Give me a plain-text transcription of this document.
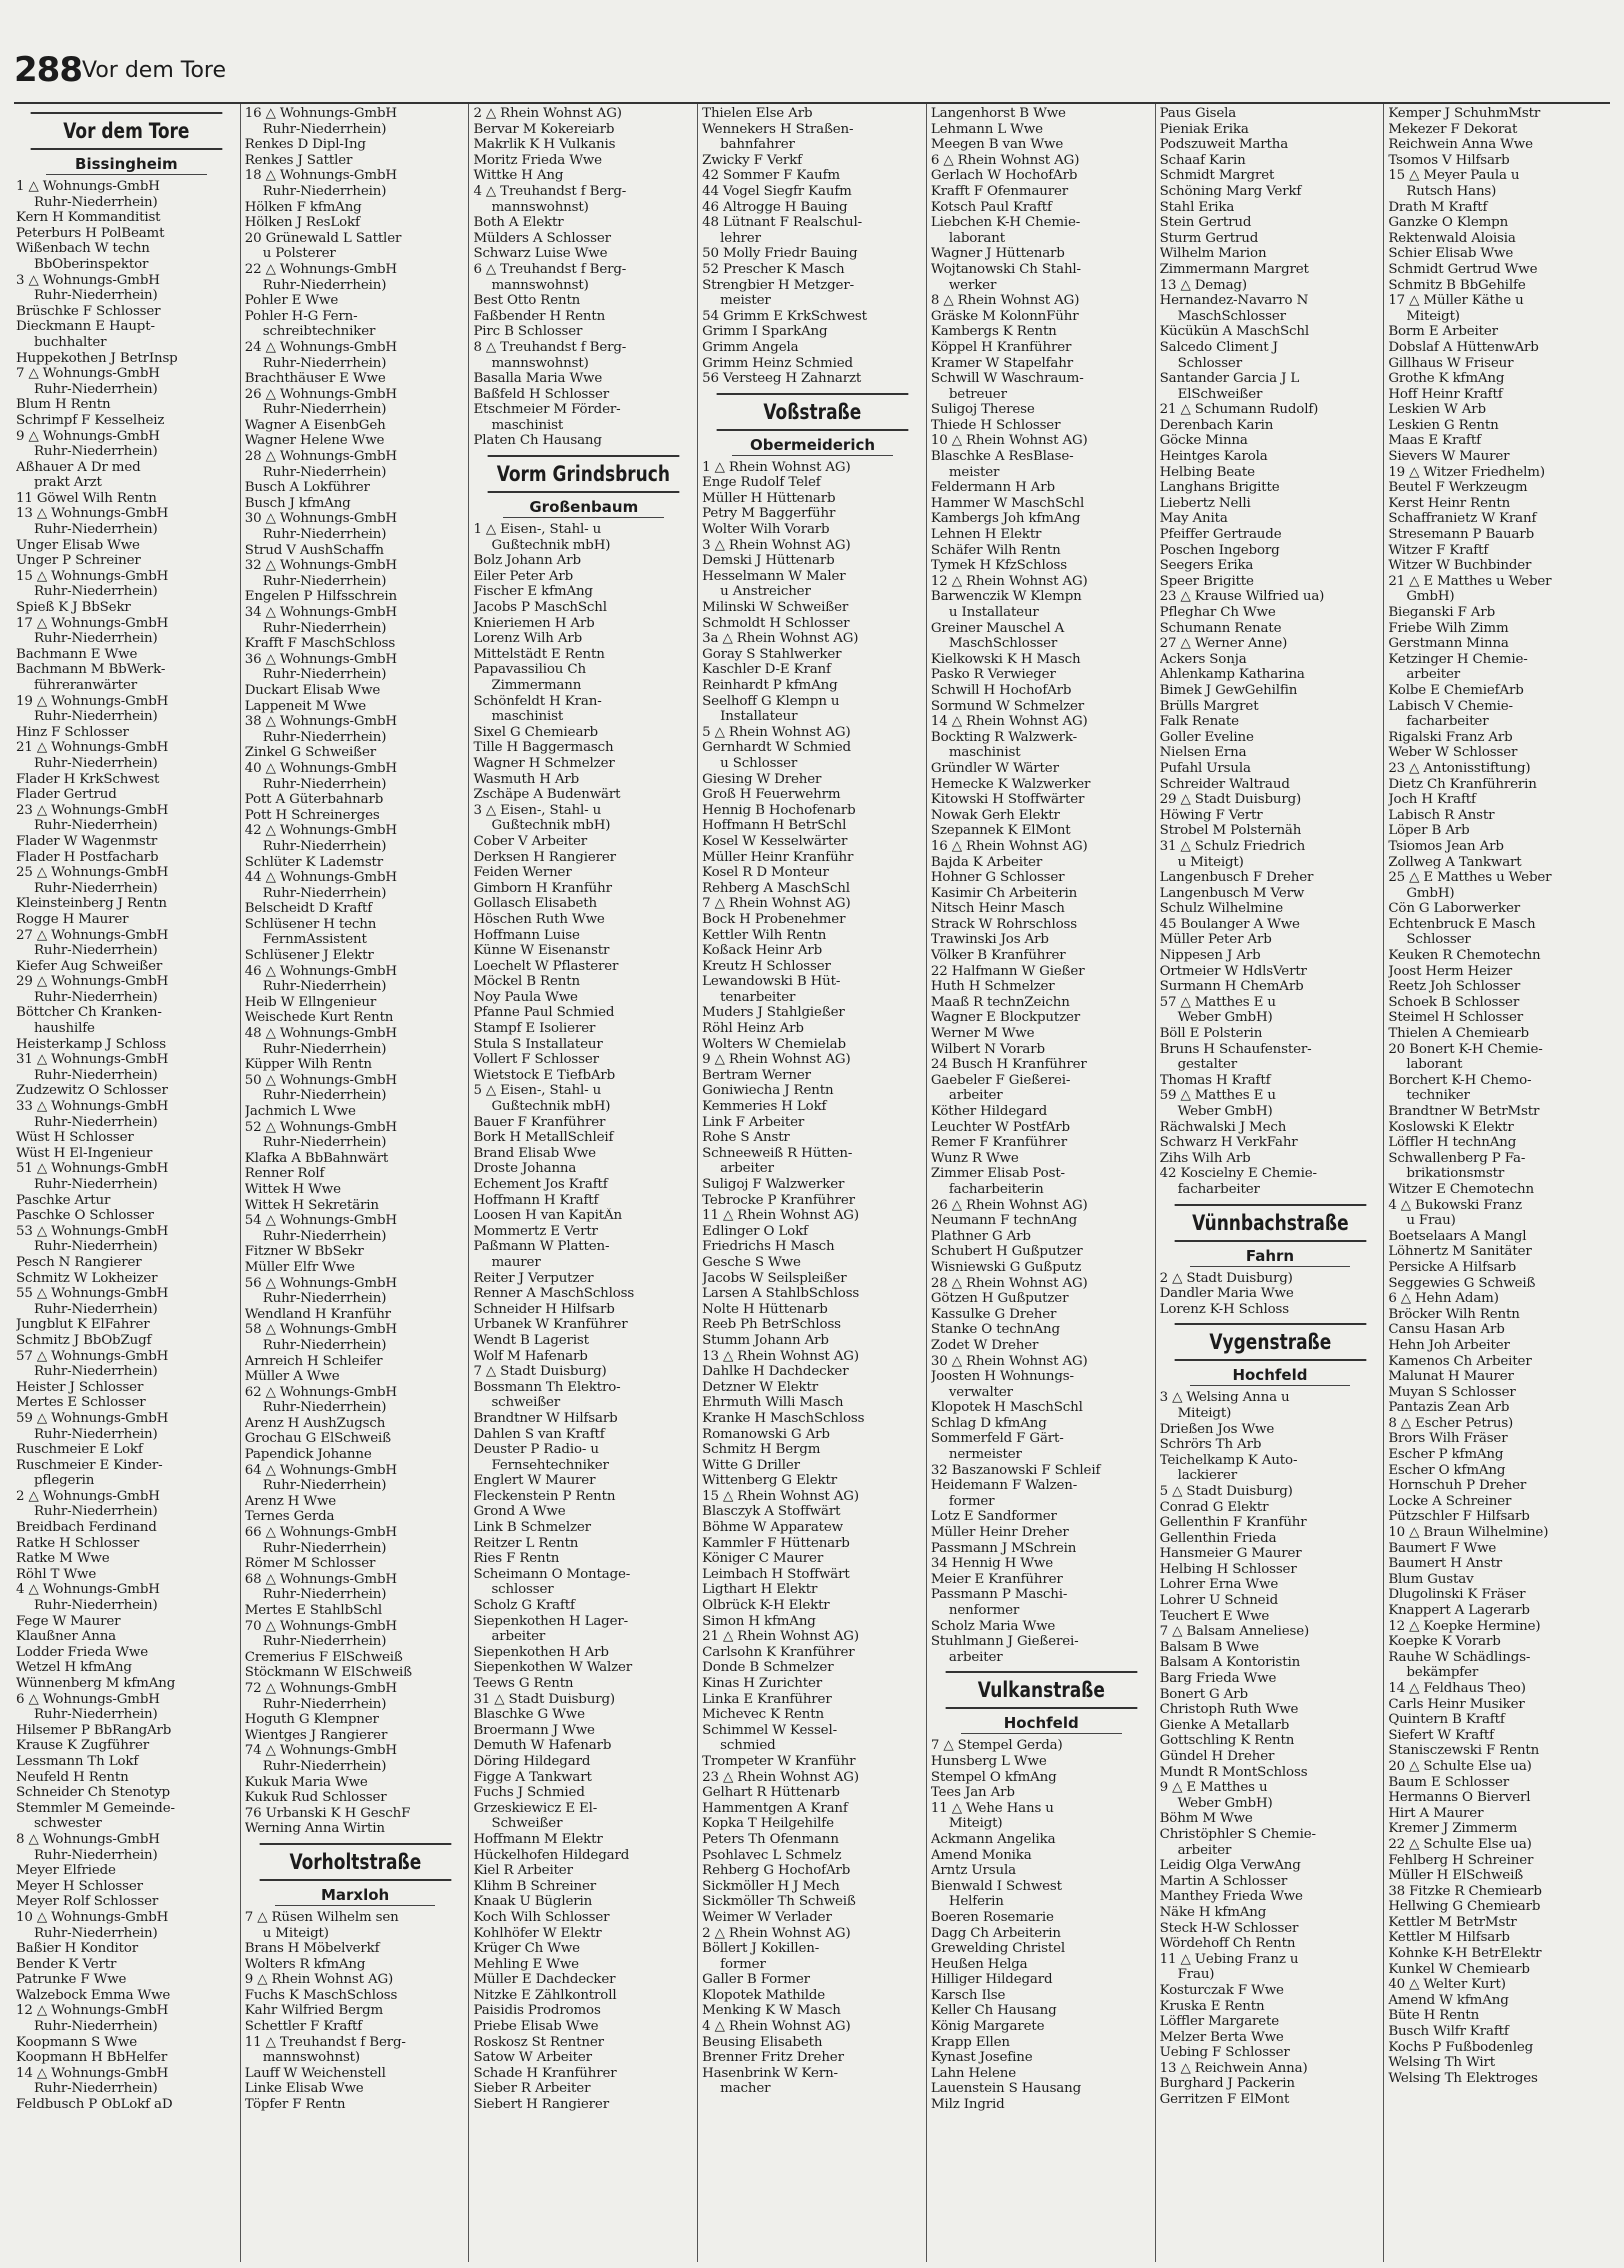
288 Vor dem Tore
Vor dem Tore
Bissingheim
1 △ Wohnungs-GmbH
Ruhr-Niederrhein)
Kern H Kommanditist
Peterburs H PolBeamt
Wißenbach W techn
BbOberinspektor
3 △ Wohnungs-GmbH
Ruhr-Niederrhein)
Brüschke F Schlosser
Dieckmann E Haupt-
buchhalter
Huppekothen J BetrInsp
7 △ Wohnungs-GmbH
Ruhr-Niederrhein)
Blum H Rentn
Schrimpf F Kesselheiz
9 △ Wohnungs-GmbH
Ruhr-Niederrhein)
Aßhauer A Dr med
prakt Arzt
11 Göwel Wilh Rentn
13 △ Wohnungs-GmbH
Ruhr-Niederrhein)
Unger Elisab Wwe
Unger P Schreiner
15 △ Wohnungs-GmbH
Ruhr-Niederrhein)
Spieß K J BbSekr
17 △ Wohnungs-GmbH
Ruhr-Niederrhein)
Bachmann E Wwe
Bachmann M BbWerk-
führeranwärter
19 △ Wohnungs-GmbH
Ruhr-Niederrhein)
Hinz F Schlosser
21 △ Wohnungs-GmbH
Ruhr-Niederrhein)
Flader H KrkSchwest
Flader Gertrud
23 △ Wohnungs-GmbH
Ruhr-Niederrhein)
Flader W Wagenmstr
Flader H Postfacharb
25 △ Wohnungs-GmbH
Ruhr-Niederrhein)
Kleinsteinberg J Rentn
Rogge H Maurer
27 △ Wohnungs-GmbH
Ruhr-Niederrhein)
Kiefer Aug Schweißer
29 △ Wohnungs-GmbH
Ruhr-Niederrhein)
Böttcher Ch Kranken-
haushilfe
Heisterkamp J Schloss
31 △ Wohnungs-GmbH
Ruhr-Niederrhein)
Zudzewitz O Schlosser
33 △ Wohnungs-GmbH
Ruhr-Niederrhein)
Wüst H Schlosser
Wüst H El-Ingenieur
51 △ Wohnungs-GmbH
Ruhr-Niederrhein)
Paschke Artur
Paschke O Schlosser
53 △ Wohnungs-GmbH
Ruhr-Niederrhein)
Pesch N Rangierer
Schmitz W Lokheizer
55 △ Wohnungs-GmbH
Ruhr-Niederrhein)
Jungblut K ElFahrer
Schmitz J BbObZugf
57 △ Wohnungs-GmbH
Ruhr-Niederrhein)
Heister J Schlosser
Mertes E Schlosser
59 △ Wohnungs-GmbH
Ruhr-Niederrhein)
Ruschmeier E Lokf
Ruschmeier E Kinder-
pflegerin
2 △ Wohnungs-GmbH
Ruhr-Niederrhein)
Breidbach Ferdinand
Ratke H Schlosser
Ratke M Wwe
Röhl T Wwe
4 △ Wohnungs-GmbH
Ruhr-Niederrhein)
Fege W Maurer
Klaußner Anna
Lodder Frieda Wwe
Wetzel H kfmAng
Wünnenberg M kfmAng
6 △ Wohnungs-GmbH
Ruhr-Niederrhein)
Hilsemer P BbRangArb
Krause K Zugführer
Lessmann Th Lokf
Neufeld H Rentn
Schneider Ch Stenotyp
Stemmler M Gemeinde-
schwester
8 △ Wohnungs-GmbH
Ruhr-Niederrhein)
Meyer Elfriede
Meyer H Schlosser
Meyer Rolf Schlosser
10 △ Wohnungs-GmbH
Ruhr-Niederrhein)
Baßier H Konditor
Bender K Vertr
Patrunke F Wwe
Walzebock Emma Wwe
12 △ Wohnungs-GmbH
Ruhr-Niederrhein)
Koopmann S Wwe
Koopmann H BbHelfer
14 △ Wohnungs-GmbH
Ruhr-Niederrhein)
Feldbusch P ObLokf aD
16 △ Wohnungs-GmbH
Ruhr-Niederrhein)
Renkes D Dipl-Ing
Renkes J Sattler
18 △ Wohnungs-GmbH
Ruhr-Niederrhein)
Hölken F kfmAng
Hölken J ResLokf
20 Grünewald L Sattler
u Polsterer
22 △ Wohnungs-GmbH
Ruhr-Niederrhein)
Pohler E Wwe
Pohler H-G Fern-
schreibtechniker
24 △ Wohnungs-GmbH
Ruhr-Niederrhein)
Brachthäuser E Wwe
26 △ Wohnungs-GmbH
Ruhr-Niederrhein)
Wagner A EisenbGeh
Wagner Helene Wwe
28 △ Wohnungs-GmbH
Ruhr-Niederrhein)
Busch A Lokführer
Busch J kfmAng
30 △ Wohnungs-GmbH
Ruhr-Niederrhein)
Strud V AushSchaffn
32 △ Wohnungs-GmbH
Ruhr-Niederrhein)
Engelen P Hilfsschrein
34 △ Wohnungs-GmbH
Ruhr-Niederrhein)
Krafft F MaschSchloss
36 △ Wohnungs-GmbH
Ruhr-Niederrhein)
Duckart Elisab Wwe
Lappeneit M Wwe
38 △ Wohnungs-GmbH
Ruhr-Niederrhein)
Zinkel G Schweißer
40 △ Wohnungs-GmbH
Ruhr-Niederrhein)
Pott A Güterbahnarb
Pott H Schreinerges
42 △ Wohnungs-GmbH
Ruhr-Niederrhein)
Schlüter K Lademstr
44 △ Wohnungs-GmbH
Ruhr-Niederrhein)
Belscheidt D Kraftf
Schlüsener H techn
FernmAssistent
Schlüsener J Elektr
46 △ Wohnungs-GmbH
Ruhr-Niederrhein)
Heib W Ellngenieur
Weischede Kurt Rentn
48 △ Wohnungs-GmbH
Ruhr-Niederrhein)
Küpper Wilh Rentn
50 △ Wohnungs-GmbH
Ruhr-Niederrhein)
Jachmich L Wwe
52 △ Wohnungs-GmbH
Ruhr-Niederrhein)
Klafka A BbBahnwärt
Renner Rolf
Wittek H Wwe
Wittek H Sekretärin
54 △ Wohnungs-GmbH
Ruhr-Niederrhein)
Fitzner W BbSekr
Müller Elfr Wwe
56 △ Wohnungs-GmbH
Ruhr-Niederrhein)
Wendland H Kranführ
58 △ Wohnungs-GmbH
Ruhr-Niederrhein)
Arnreich H Schleifer
Müller A Wwe
62 △ Wohnungs-GmbH
Ruhr-Niederrhein)
Arenz H AushZugsch
Grochau G ElSchweiß
Papendick Johanne
64 △ Wohnungs-GmbH
Ruhr-Niederrhein)
Arenz H Wwe
Ternes Gerda
66 △ Wohnungs-GmbH
Ruhr-Niederrhein)
Römer M Schlosser
68 △ Wohnungs-GmbH
Ruhr-Niederrhein)
Mertes E StahlbSchl
70 △ Wohnungs-GmbH
Ruhr-Niederrhein)
Cremerius F ElSchweiß
Stöckmann W ElSchweiß
72 △ Wohnungs-GmbH
Ruhr-Niederrhein)
Hoguth G Klempner
Wientges J Rangierer
74 △ Wohnungs-GmbH
Ruhr-Niederrhein)
Kukuk Maria Wwe
Kukuk Rud Schlosser
76 Urbanski K H GeschF
Werning Anna Wirtin
Vorholtstraße
Marxloh
7 △ Rüsen Wilhelm sen
u Miteigt)
Brans H Möbelverkf
Wolters R kfmAng
9 △ Rhein Wohnst AG)
Fuchs K MaschSchloss
Kahr Wilfried Bergm
Schettler F Kraftf
11 △ Treuhandst f Berg-
mannswohnst)
Lauff W Weichenstell
Linke Elisab Wwe
Töpfer F Rentn
2 △ Rhein Wohnst AG)
Bervar M Kokereiarb
Makrlik K H Vulkanis
Moritz Frieda Wwe
Wittke H Ang
4 △ Treuhandst f Berg-
mannswohnst)
Both A Elektr
Mülders A Schlosser
Schwarz Luise Wwe
6 △ Treuhandst f Berg-
mannswohnst)
Best Otto Rentn
Faßbender H Rentn
Pirc B Schlosser
8 △ Treuhandst f Berg-
mannswohnst)
Basalla Maria Wwe
Baßfeld H Schlosser
Etschmeier M Förder-
maschinist
Platen Ch Hausang
Vorm Grindsbruch
Großenbaum
1 △ Eisen-, Stahl- u
Gußtechnik mbH)
Bolz Johann Arb
Eiler Peter Arb
Fischer E kfmAng
Jacobs P MaschSchl
Knieriemen H Arb
Lorenz Wilh Arb
Mittelstädt E Rentn
Papavassiliou Ch
Zimmermann
Schönfeldt H Kran-
maschinist
Sixel G Chemiearb
Tille H Baggermasch
Wagner H Schmelzer
Wasmuth H Arb
Zschäpe A Budenwärt
3 △ Eisen-, Stahl- u
Gußtechnik mbH)
Cober V Arbeiter
Derksen H Rangierer
Feiden Werner
Gimborn H Kranführ
Gollasch Elisabeth
Höschen Ruth Wwe
Hoffmann Luise
Künne W Eisenanstr
Loechelt W Pflasterer
Möckel B Rentn
Noy Paula Wwe
Pfanne Paul Schmied
Stampf E Isolierer
Stula S Installateur
Vollert F Schlosser
Wietstock E TiefbArb
5 △ Eisen-, Stahl- u
Gußtechnik mbH)
Bauer F Kranführer
Bork H MetallSchleif
Brand Elisab Wwe
Droste Johanna
Echement Jos Kraftf
Hoffmann H Kraftf
Loosen H van KapitÄn
Mommertz E Vertr
Paßmann W Platten-
maurer
Reiter J Verputzer
Renner A MaschSchloss
Schneider H Hilfsarb
Urbanek W Kranführer
Wendt B Lagerist
Wolf M Hafenarb
7 △ Stadt Duisburg)
Bossmann Th Elektro-
schweißer
Brandtner W Hilfsarb
Dahlen S van Kraftf
Deuster P Radio- u
Fernsehtechniker
Englert W Maurer
Fleckenstein P Rentn
Grond A Wwe
Link B Schmelzer
Reitzer L Rentn
Ries F Rentn
Scheimann O Montage-
schlosser
Scholz G Kraftf
Siepenkothen H Lager-
arbeiter
Siepenkothen H Arb
Siepenkothen W Walzer
Teews G Rentn
31 △ Stadt Duisburg)
Blaschke G Wwe
Broermann J Wwe
Demuth W Hafenarb
Döring Hildegard
Figge A Tankwart
Fuchs J Schmied
Grzeskiewicz E El-
Schweißer
Hoffmann M Elektr
Hückelhofen Hildegard
Kiel R Arbeiter
Klihm B Schreiner
Knaak U Büglerin
Koch Wilh Schlosser
Kohlhöfer W Elektr
Krüger Ch Wwe
Mehling E Wwe
Müller E Dachdecker
Nitzke E Zählkontroll
Paisidis Prodromos
Priebe Elisab Wwe
Roskosz St Rentner
Satow W Arbeiter
Schade H Kranführer
Sieber R Arbeiter
Siebert H Rangierer
Thielen Else Arb
Wennekers H Straßen-
bahnfahrer
Zwicky F Verkf
42 Sommer F Kaufm
44 Vogel Siegfr Kaufm
46 Altrogge H Bauing
48 Lütnant F Realschul-
lehrer
50 Molly Friedr Bauing
52 Prescher K Masch
Strengbier H Metzger-
meister
54 Grimm E KrkSchwest
Grimm I SparkAng
Grimm Angela
Grimm Heinz Schmied
56 Versteeg H Zahnarzt
Voßstraße
Obermeiderich
1 △ Rhein Wohnst AG)
Enge Rudolf Telef
Müller H Hüttenarb
Petry M Baggerführ
Wolter Wilh Vorarb
3 △ Rhein Wohnst AG)
Demski J Hüttenarb
Hesselmann W Maler
u Anstreicher
Milinski W Schweißer
Schmoldt H Schlosser
3a △ Rhein Wohnst AG)
Goray S Stahlwerker
Kaschler D-E Kranf
Reinhardt P kfmAng
Seelhoff G Klempn u
Installateur
5 △ Rhein Wohnst AG)
Gernhardt W Schmied
u Schlosser
Giesing W Dreher
Groß H Feuerwehrm
Hennig B Hochofenarb
Hoffmann H BetrSchl
Kosel W Kesselwärter
Müller Heinr Kranführ
Kosel R D Monteur
Rehberg A MaschSchl
7 △ Rhein Wohnst AG)
Bock H Probenehmer
Kettler Wilh Rentn
Koßack Heinr Arb
Kreutz H Schlosser
Lewandowski B Hüt-
tenarbeiter
Muders J Stahlgießer
Röhl Heinz Arb
Wolters W Chemielab
9 △ Rhein Wohnst AG)
Bertram Werner
Goniwiecha J Rentn
Kemmeries H Lokf
Link F Arbeiter
Rohe S Anstr
Schneeweiß R Hütten-
arbeiter
Suligoj F Walzwerker
Tebrocke P Kranführer
11 △ Rhein Wohnst AG)
Edlinger O Lokf
Friedrichs H Masch
Gesche S Wwe
Jacobs W Seilspleißer
Larsen A StahlbSchloss
Nolte H Hüttenarb
Reeb Ph BetrSchloss
Stumm Johann Arb
13 △ Rhein Wohnst AG)
Dahlke H Dachdecker
Detzner W Elektr
Ehrmuth Willi Masch
Kranke H MaschSchloss
Romanowski G Arb
Schmitz H Bergm
Witte G Driller
Wittenberg G Elektr
15 △ Rhein Wohnst AG)
Blasczyk A Stoffwärt
Böhme W Apparatew
Kammler F Hüttenarb
Königer C Maurer
Leimbach H Stoffwärt
Ligthart H Elektr
Olbrück K-H Elektr
Simon H kfmAng
21 △ Rhein Wohnst AG)
Carlsohn K Kranführer
Donde B Schmelzer
Kinas H Zurichter
Linka E Kranführer
Michevec K Rentn
Schimmel W Kessel-
schmied
Trompeter W Kranführ
23 △ Rhein Wohnst AG)
Gelhart R Hüttenarb
Hammentgen A Kranf
Kopka T Heilgehilfe
Peters Th Ofenmann
Psohlavec L Schmelz
Rehberg G HochofArb
Sickmöller H J Mech
Sickmöller Th Schweiß
Weimer W Verlader
2 △ Rhein Wohnst AG)
Böllert J Kokillen-
former
Galler B Former
Klopotek Mathilde
Menking K W Masch
4 △ Rhein Wohnst AG)
Beusing Elisabeth
Brenner Fritz Dreher
Hasenbrink W Kern-
macher
Langenhorst B Wwe
Lehmann L Wwe
Meegen B van Wwe
6 △ Rhein Wohnst AG)
Gerlach W HochofArb
Krafft F Ofenmaurer
Kotsch Paul Kraftf
Liebchen K-H Chemie-
laborant
Wagner J Hüttenarb
Wojtanowski Ch Stahl-
werker
8 △ Rhein Wohnst AG)
Gräske M KolonnFühr
Kambergs K Rentn
Köppel H Kranführer
Kramer W Stapelfahr
Schwill W Waschraum-
betreuer
Suligoj Therese
Thiede H Schlosser
10 △ Rhein Wohnst AG)
Blaschke A ResBlase-
meister
Feldermann H Arb
Hammer W MaschSchl
Kambergs Joh kfmAng
Lehnen H Elektr
Schäfer Wilh Rentn
Tymek H KfzSchloss
12 △ Rhein Wohnst AG)
Barwenczik W Klempn
u Installateur
Greiner Mauschel A
MaschSchlosser
Kielkowski K H Masch
Pasko R Verwieger
Schwill H HochofArb
Sormund W Schmelzer
14 △ Rhein Wohnst AG)
Bockting R Walzwerk-
maschinist
Gründler W Wärter
Hemecke K Walzwerker
Kitowski H Stoffwärter
Nowak Gerh Elektr
Szepannek K ElMont
16 △ Rhein Wohnst AG)
Bajda K Arbeiter
Hohner G Schlosser
Kasimir Ch Arbeiterin
Nitsch Heinr Masch
Strack W Rohrschloss
Trawinski Jos Arb
Völker B Kranführer
22 Halfmann W Gießer
Huth H Schmelzer
Maaß R technZeichn
Wagner E Blockputzer
Werner M Wwe
Wilbert N Vorarb
24 Busch H Kranführer
Gaebeler F Gießerei-
arbeiter
Köther Hildegard
Leuchter W PostfArb
Remer F Kranführer
Wunz R Wwe
Zimmer Elisab Post-
facharbeiterin
26 △ Rhein Wohnst AG)
Neumann F technAng
Plathner G Arb
Schubert H Gußputzer
Wisniewski G Gußputz
28 △ Rhein Wohnst AG)
Götzen H Gußputzer
Kassulke G Dreher
Stanke O technAng
Zodet W Dreher
30 △ Rhein Wohnst AG)
Joosten H Wohnungs-
verwalter
Klopotek H MaschSchl
Schlag D kfmAng
Sommerfeld F Gärt-
nermeister
32 Baszanowski F Schleif
Heidemann F Walzen-
former
Lotz E Sandformer
Müller Heinr Dreher
Passmann J MSchrein
34 Hennig H Wwe
Meier E Kranführer
Passmann P Maschi-
nenformer
Scholz Maria Wwe
Stuhlmann J Gießerei-
arbeiter
Vulkanstraße
Hochfeld
7 △ Stempel Gerda)
Hunsberg L Wwe
Stempel O kfmAng
Tees Jan Arb
11 △ Wehe Hans u
Miteigt)
Ackmann Angelika
Amend Monika
Arntz Ursula
Bienwald I Schwest
Helferin
Boeren Rosemarie
Dagg Ch Arbeiterin
Grewelding Christel
Heußen Helga
Hilliger Hildegard
Karsch Ilse
Keller Ch Hausang
König Margarete
Krapp Ellen
Kynast Josefine
Lahn Helene
Lauenstein S Hausang
Milz Ingrid
Paus Gisela
Pieniak Erika
Podszuweit Martha
Schaaf Karin
Schmidt Margret
Schöning Marg Verkf
Stahl Erika
Stein Gertrud
Sturm Gertrud
Wilhelm Marion
Zimmermann Margret
13 △ Demag)
Hernandez-Navarro N
MaschSchlosser
Kücükün A MaschSchl
Salcedo Climent J
Schlosser
Santander Garcia J L
ElSchweißer
21 △ Schumann Rudolf)
Derenbach Karin
Göcke Minna
Heintges Karola
Helbing Beate
Langhans Brigitte
Liebertz Nelli
May Anita
Pfeiffer Gertraude
Poschen Ingeborg
Seegers Erika
Speer Brigitte
23 △ Krause Wilfried ua)
Pfleghar Ch Wwe
Schumann Renate
27 △ Werner Anne)
Ackers Sonja
Ahlenkamp Katharina
Bimek J GewGehilfin
Brülls Margret
Falk Renate
Goller Eveline
Nielsen Erna
Pufahl Ursula
Schreider Waltraud
29 △ Stadt Duisburg)
Höwing F Vertr
Strobel M Polsternäh
31 △ Schulz Friedrich
u Miteigt)
Langenbusch F Dreher
Langenbusch M Verw
Schulz Wilhelmine
45 Boulanger A Wwe
Müller Peter Arb
Nippesen J Arb
Ortmeier W HdlsVertr
Surmann H ChemArb
57 △ Matthes E u
Weber GmbH)
Böll E Polsterin
Bruns H Schaufenster-
gestalter
Thomas H Kraftf
59 △ Matthes E u
Weber GmbH)
Rächwalski J Mech
Schwarz H VerkFahr
Zihs Wilh Arb
42 Koscielny E Chemie-
facharbeiter
Vünnbachstraße
Fahrn
2 △ Stadt Duisburg)
Dandler Maria Wwe
Lorenz K-H Schloss
Vygenstraße
Hochfeld
3 △ Welsing Anna u
Miteigt)
Drießen Jos Wwe
Schrörs Th Arb
Teichelkamp K Auto-
lackierer
5 △ Stadt Duisburg)
Conrad G Elektr
Gellenthin F Kranführ
Gellenthin Frieda
Hansmeier G Maurer
Helbing H Schlosser
Lohrer Erna Wwe
Lohrer U Schneid
Teuchert E Wwe
7 △ Balsam Anneliese)
Balsam B Wwe
Balsam A Kontoristin
Barg Frieda Wwe
Bonert G Arb
Christoph Ruth Wwe
Gienke A Metallarb
Gottschling K Rentn
Gündel H Dreher
Mundt R MontSchloss
9 △ E Matthes u
Weber GmbH)
Böhm M Wwe
Christöphler S Chemie-
arbeiter
Leidig Olga VerwAng
Martin A Schlosser
Manthey Frieda Wwe
Näke H kfmAng
Steck H-W Schlosser
Wördehoff Ch Rentn
11 △ Uebing Franz u
Frau)
Kosturczak F Wwe
Kruska E Rentn
Löffler Margarete
Melzer Berta Wwe
Uebing F Schlosser
13 △ Reichwein Anna)
Burghard J Packerin
Gerritzen F ElMont
Kemper J SchuhmMstr
Mekezer F Dekorat
Reichwein Anna Wwe
Tsomos V Hilfsarb
15 △ Meyer Paula u
Rutsch Hans)
Drath M Kraftf
Ganzke O Klempn
Rektenwald Aloisia
Schier Elisab Wwe
Schmidt Gertrud Wwe
Schmitz B BbGehilfe
17 △ Müller Käthe u
Miteigt)
Borm E Arbeiter
Dobslaf A HüttenwArb
Gillhaus W Friseur
Grothe K kfmAng
Hoff Heinr Kraftf
Leskien W Arb
Leskien G Rentn
Maas E Kraftf
Sievers W Maurer
19 △ Witzer Friedhelm)
Beutel F Werkzeugm
Kerst Heinr Rentn
Schaffranietz W Kranf
Stresemann P Bauarb
Witzer F Kraftf
Witzer W Buchbinder
21 △ E Matthes u Weber
GmbH)
Bieganski F Arb
Friebe Wilh Zimm
Gerstmann Minna
Ketzinger H Chemie-
arbeiter
Kolbe E ChemiefArb
Labisch V Chemie-
facharbeiter
Rigalski Franz Arb
Weber W Schlosser
23 △ Antonisstiftung)
Dietz Ch Kranführerin
Joch H Kraftf
Labisch R Anstr
Löper B Arb
Tsiomos Jean Arb
Zollweg A Tankwart
25 △ E Matthes u Weber
GmbH)
Cön G Laborwerker
Echtenbruck E Masch
Schlosser
Keuken R Chemotechn
Joost Herm Heizer
Reetz Joh Schlosser
Schoek B Schlosser
Steimel H Schlosser
Thielen A Chemiearb
20 Bonert K-H Chemie-
laborant
Borchert K-H Chemo-
techniker
Brandtner W BetrMstr
Koslowski K Elektr
Löffler H technAng
Schwallenberg P Fa-
brikationsmstr
Witzer E Chemotechn
4 △ Bukowski Franz
u Frau)
Boetselaars A Mangl
Löhnertz M Sanitäter
Persicke A Hilfsarb
Seggewies G Schweiß
6 △ Hehn Adam)
Bröcker Wilh Rentn
Cansu Hasan Arb
Hehn Joh Arbeiter
Kamenos Ch Arbeiter
Malunat H Maurer
Muyan S Schlosser
Pantazis Zean Arb
8 △ Escher Petrus)
Brors Wilh Fräser
Escher P kfmAng
Escher O kfmAng
Hornschuh P Dreher
Locke A Schreiner
Pützschler F Hilfsarb
10 △ Braun Wilhelmine)
Baumert F Wwe
Baumert H Anstr
Blum Gustav
Dlugolinski K Fräser
Knappert A Lagerarb
12 △ Koepke Hermine)
Koepke K Vorarb
Rauhe W Schädlings-
bekämpfer
14 △ Feldhaus Theo)
Carls Heinr Musiker
Quintern B Kraftf
Siefert W Kraftf
Stanisczewski F Rentn
20 △ Schulte Else ua)
Baum E Schlosser
Hermanns O Bierverl
Hirt A Maurer
Kremer J Zimmerm
22 △ Schulte Else ua)
Fehlberg H Schreiner
Müller H ElSchweiß
38 Fitzke R Chemiearb
Hellwing G Chemiearb
Kettler M BetrMstr
Kettler M Hilfsarb
Kohnke K-H BetrElektr
Kunkel W Chemiearb
40 △ Welter Kurt)
Amend W kfmAng
Büte H Rentn
Busch Wilfr Kraftf
Kochs P Fußbodenleg
Welsing Th Wirt
Welsing Th Elektroges
